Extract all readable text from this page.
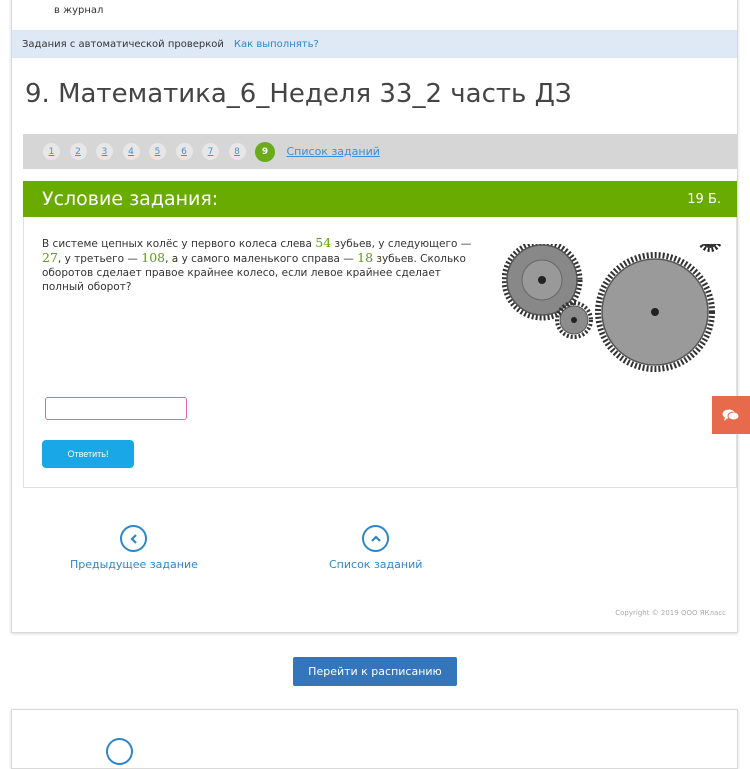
в журнал
Задания с автоматической проверкой Как выполнять?
9. Математика_6_Неделя 33_2 часть ДЗ
1	2	3	4	5	6	7	8	9	Список заданий
Условие задания:	19 Б.
В системе цепных колёс у первого колеса слева 54 зубьев, у следующего — 27, у третьего — 108, а у самого маленького справа — 18 зубьев. Сколько оборотов сделает правое крайнее колесо, если левое крайнее сделает полный оборот?
Ответить!
Предыдущее задание	Список заданий
Copyright © 2019 ООО ЯКласс
Перейти к расписанию
